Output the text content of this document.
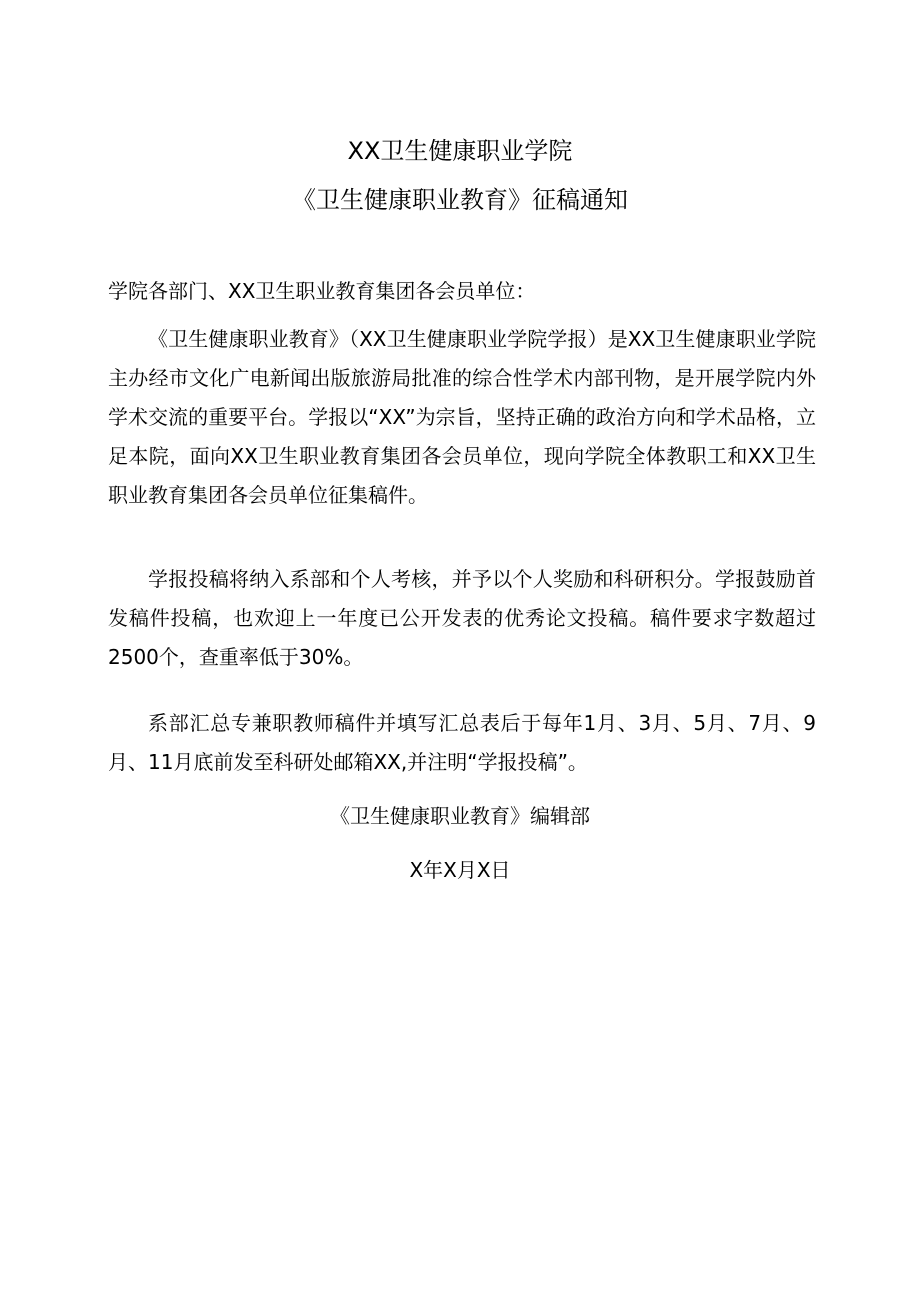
XX卫生健康职业学院
《卫生健康职业教育》征稿通知
学院各部门、XX卫生职业教育集团各会员单位：
《卫生健康职业教育》（XX卫生健康职业学院学报）是XX卫生健康职业学院主办经市文化广电新闻出版旅游局批准的综合性学术内部刊物，是开展学院内外学术交流的重要平台。学报以“XX”为宗旨，坚持正确的政治方向和学术品格，立足本院，面向XX卫生职业教育集团各会员单位，现向学院全体教职工和XX卫生职业教育集团各会员单位征集稿件。
学报投稿将纳入系部和个人考核，并予以个人奖励和科研积分。学报鼓励首发稿件投稿，也欢迎上一年度已公开发表的优秀论文投稿。稿件要求字数超过2500个，查重率低于30%。
系部汇总专兼职教师稿件并填写汇总表后于每年1月、3月、5月、7月、9月、11月底前发至科研处邮箱XX,并注明“学报投稿”。
《卫生健康职业教育》编辑部
X年X月X日
